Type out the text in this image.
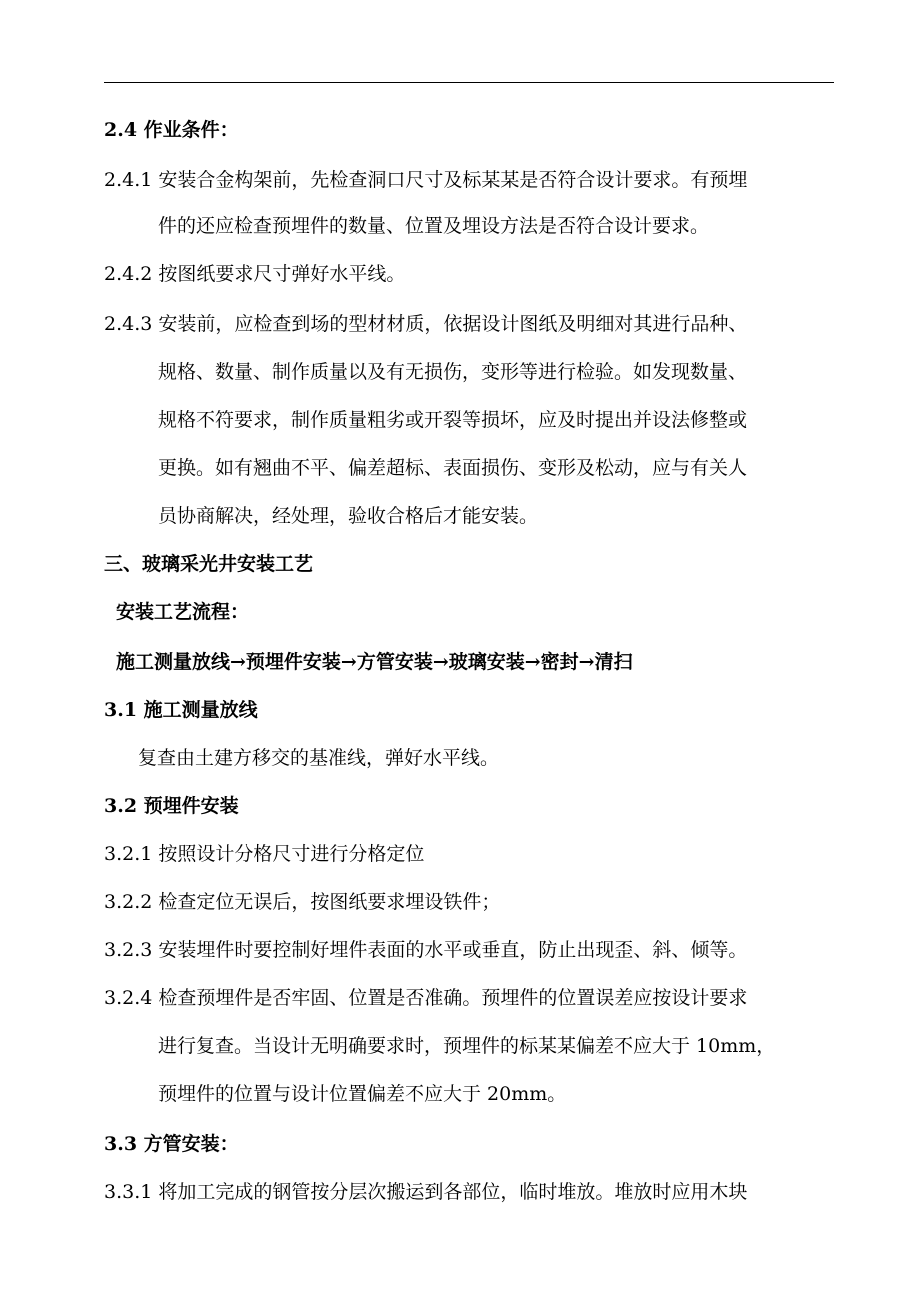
2.4 作业条件：
2.4.1 安装合金构架前，先检查洞口尺寸及标某某是否符合设计要求。有预埋
件的还应检查预埋件的数量、位置及埋设方法是否符合设计要求。
2.4.2 按图纸要求尺寸弹好水平线。
2.4.3 安装前，应检查到场的型材材质，依据设计图纸及明细对其进行品种、
规格、数量、制作质量以及有无损伤，变形等进行检验。如发现数量、
规格不符要求，制作质量粗劣或开裂等损坏，应及时提出并设法修整或
更换。如有翘曲不平、偏差超标、表面损伤、变形及松动，应与有关人
员协商解决，经处理，验收合格后才能安装。
三、玻璃采光井安装工艺
安装工艺流程：
施工测量放线→预埋件安装→方管安装→玻璃安装→密封→清扫
3.1 施工测量放线
复查由土建方移交的基准线，弹好水平线。
3.2 预埋件安装
3.2.1 按照设计分格尺寸进行分格定位
3.2.2 检查定位无误后，按图纸要求埋设铁件；
3.2.3 安装埋件时要控制好埋件表面的水平或垂直，防止出现歪、斜、倾等。
3.2.4 检查预埋件是否牢固、位置是否准确。预埋件的位置误差应按设计要求
进行复查。当设计无明确要求时，预埋件的标某某偏差不应大于 10mm，
预埋件的位置与设计位置偏差不应大于 20mm。
3.3 方管安装：
3.3.1 将加工完成的钢管按分层次搬运到各部位，临时堆放。堆放时应用木块
